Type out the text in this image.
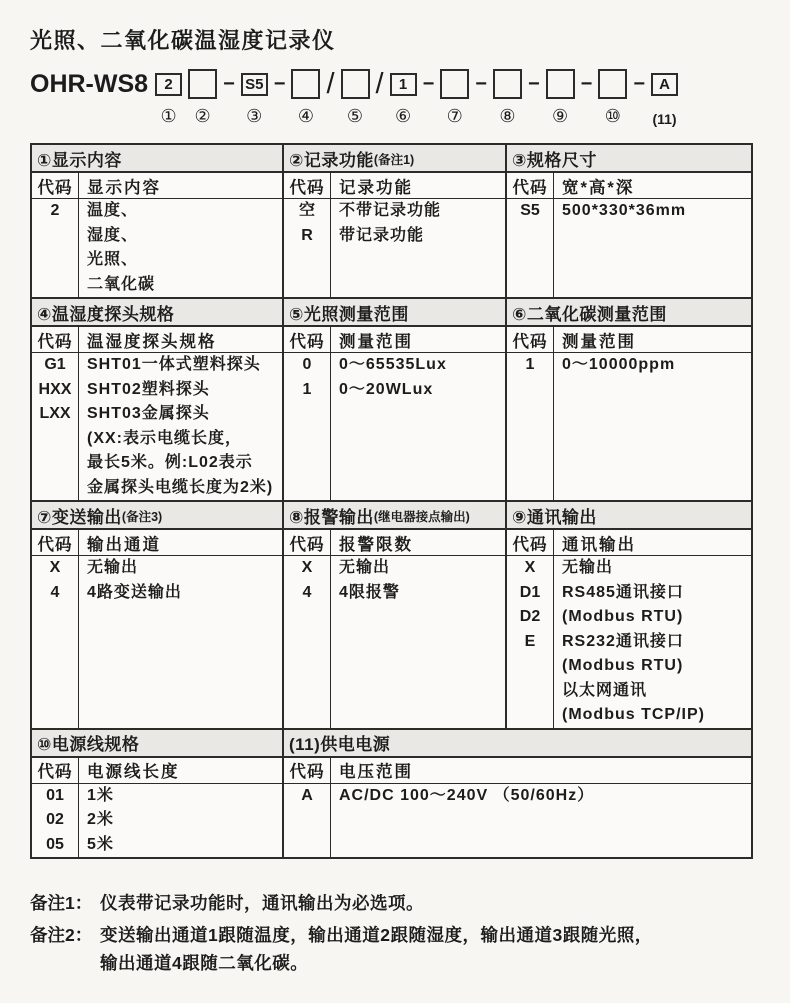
光照、二氧化碳温湿度记录仪
OHR-WS8	2
① ②
− S5
③
−
④
/
⑤
/	1
⑥
−
⑦
−
⑧
−
⑨
−
⑩
− A
(11)
①显示内容
代码
2
显示内容
温度、
湿度、
光照、
二氧化碳
②记录功能 (备注1)
代码
空
R
记录功能
不带记录功能
带记录功能
③规格尺寸
代码
S5
宽*高*深
500*330*36mm
④温湿度探头规格
代码
G1
HXX
LXX
温湿度探头规格
SHT01一体式塑料探头
SHT02塑料探头
SHT03金属探头
(XX:表示电缆长度，
最长5米。例:L02表示
金属探头电缆长度为2米)
⑤光照测量范围
代码
0
1
测量范围
0～65535Lux
0～20WLux
⑥二氧化碳测量范围
代码
1
测量范围
0～10000ppm
⑦变送输出 (备注3)
代码
X
4
输出通道
无输出
4路变送输出
⑧报警输出 (继电器接点输出)
代码
X
4
报警限数
无输出
4限报警
⑨通讯输出
代码
X
D1
D2
E
通讯输出
无输出
RS485通讯接口
(Modbus RTU)
RS232通讯接口
(Modbus RTU)
以太网通讯
(Modbus TCP/IP)
⑩电源线规格
代码
01
02
05
电源线长度
1米
2米
5米
(11)供电电源
代码
A
电压范围
AC/DC 100～240V （50/60Hz）
备注1： 仪表带记录功能时，通讯输出为必选项。
备注2： 变送输出通道1跟随温度，输出通道2跟随湿度，输出通道3跟随光照，
输出通道4跟随二氧化碳。
